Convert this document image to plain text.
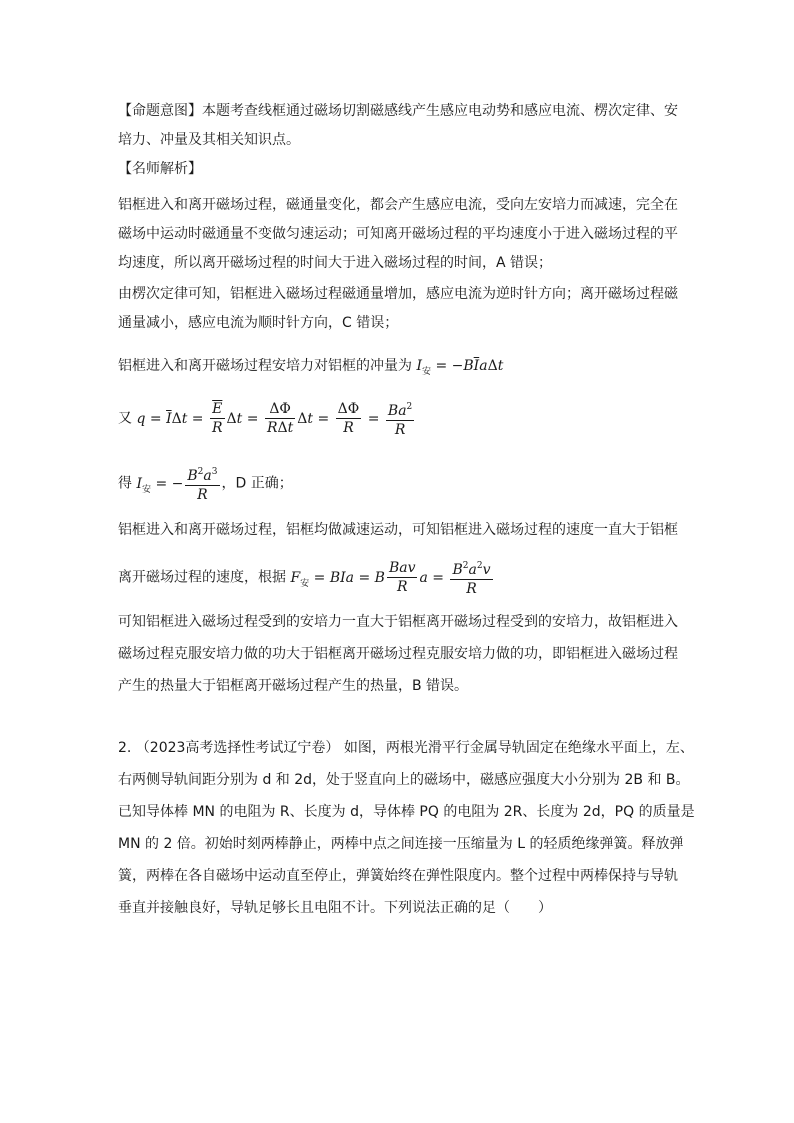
【命题意图】本题考查线框通过磁场切割磁感线产生感应电动势和感应电流、楞次定律、安
培力、冲量及其相关知识点。
【名师解析】
铝框进入和离开磁场过程，磁通量变化，都会产生感应电流，受向左安培力而减速，完全在
磁场中运动时磁通量不变做匀速运动；可知离开磁场过程的平均速度小于进入磁场过程的平
均速度，所以离开磁场过程的时间大于进入磁场过程的时间，A 错误；
由楞次定律可知，铝框进入磁场过程磁通量增加，感应电流为逆时针方向；离开磁场过程磁
通量减小，感应电流为顺时针方向，C 错误；
铝框进入和离开磁场过程安培力对铝框的冲量为 $I_安 = -B\overline{I}a\Delta t$
又 $q = \overline{I}\Delta t = \frac{\overline{E}}{R}$ $\Delta t = \frac{\Delta\Phi}{\text{RΔt}}$ $\Delta t = \frac{\Delta\Phi}{R} = \frac{Ba^2}{R}$
得 $I_安$ = − $\frac{B^2a^3}{R}$ ，D 正确；
铝框进入和离开磁场过程，铝框均做减速运动，可知铝框进入磁场过程的速度一直大于铝框
离开磁场过程的速度，根据 $F_安$ = BIa = B $\frac{\text{Bav}}{R}$ $a = \frac{B^2a^2v}{R}$
可知铝框进入磁场过程受到的安培力一直大于铝框离开磁场过程受到的安培力，故铝框进入
磁场过程克服安培力做的功大于铝框离开磁场过程克服安培力做的功，即铝框进入磁场过程
产生的热量大于铝框离开磁场过程产生的热量，B 错误。
2. （2023高考选择性考试辽宁卷） 如图，两根光滑平行金属导轨固定在绝缘水平面上，左、
右两侧导轨间距分别为 d 和 2d，处于竖直向上的磁场中，磁感应强度大小分别为 2B 和 B。
已知导体棒 MN 的电阻为 R、长度为 d，导体棒 PQ 的电阻为 2R、长度为 2d，PQ 的质量是
MN 的 2 倍。初始时刻两棒静止，两棒中点之间连接一压缩量为 L 的轻质绝缘弹簧。释放弹
簧，两棒在各自磁场中运动直至停止，弹簧始终在弹性限度内。整个过程中两棒保持与导轨
垂直并接触良好，导轨足够长且电阻不计。下列说法正确的足（　　）
